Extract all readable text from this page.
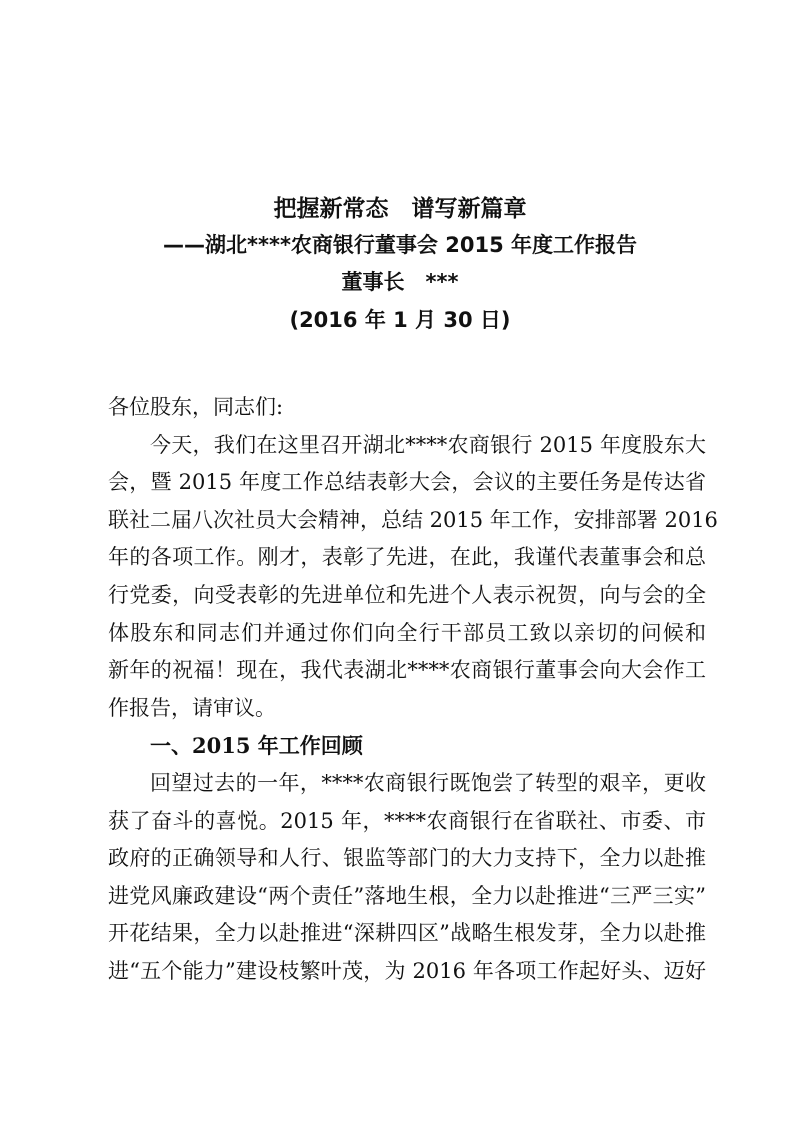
把握新常态　谱写新篇章
——湖北****农商银行董事会 2015 年度工作报告
董事长　***
(2016 年 1 月 30 日)
各位股东，同志们:
今天，我们在这里召开湖北****农商银行 2015 年度股东大
会，暨 2015 年度工作总结表彰大会，会议的主要任务是传达省
联社二届八次社员大会精神，总结 2015 年工作，安排部署 2016
年的各项工作。刚才，表彰了先进，在此，我谨代表董事会和总
行党委，向受表彰的先进单位和先进个人表示祝贺，向与会的全
体股东和同志们并通过你们向全行干部员工致以亲切的问候和
新年的祝福！现在，我代表湖北****农商银行董事会向大会作工
作报告，请审议。
一、2015 年工作回顾
回望过去的一年，****农商银行既饱尝了转型的艰辛，更收
获了奋斗的喜悦。2015 年，****农商银行在省联社、市委、市
政府的正确领导和人行、银监等部门的大力支持下，全力以赴推
进党风廉政建设“两个责任”落地生根，全力以赴推进“三严三实”
开花结果，全力以赴推进“深耕四区”战略生根发芽，全力以赴推
进“五个能力”建设枝繁叶茂，为 2016 年各项工作起好头、迈好
